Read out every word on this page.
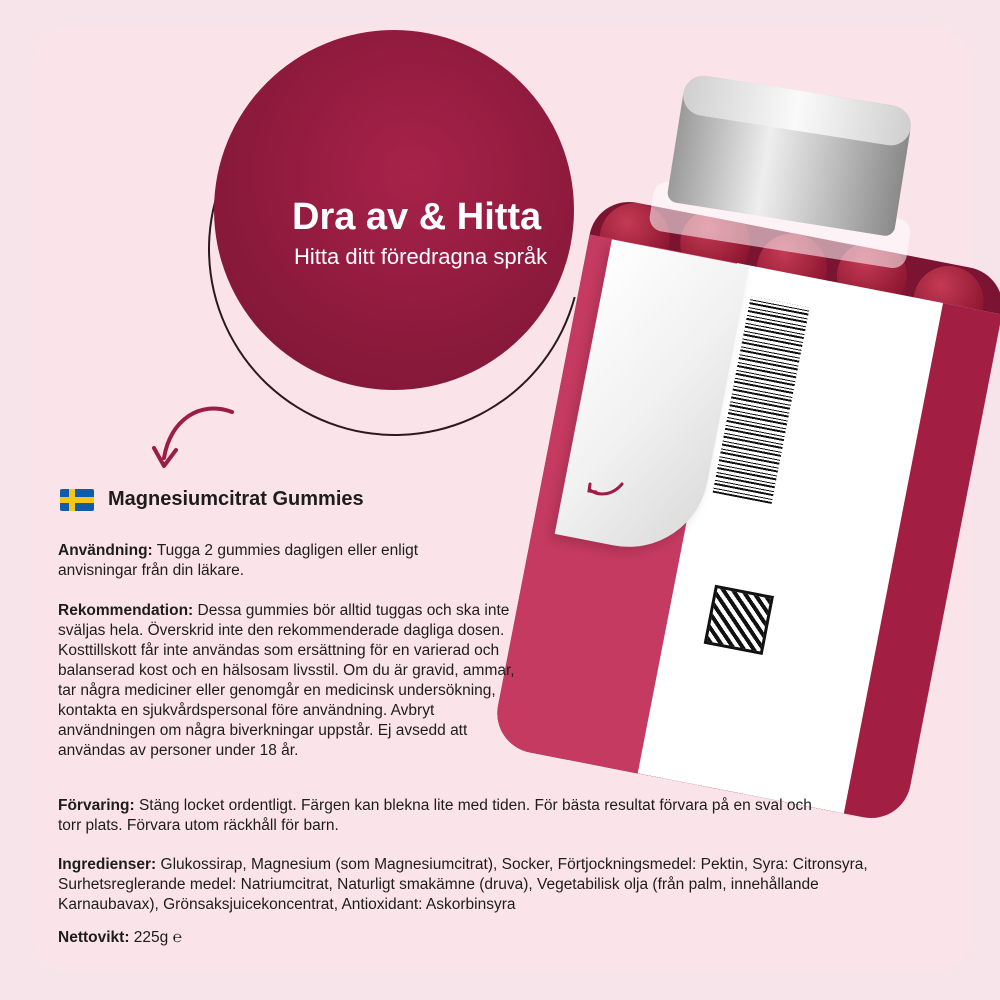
Dra av & Hitta
Hitta ditt föredragna språk
Magnesiumcitrat Gummies
Användning: Tugga 2 gummies dagligen eller enligt anvisningar från din läkare.
Rekommendation: Dessa gummies bör alltid tuggas och ska inte sväljas hela. Överskrid inte den rekommenderade dagliga dosen. Kosttillskott får inte användas som ersättning för en varierad och balanserad kost och en hälsosam livsstil. Om du är gravid, ammar, tar några mediciner eller genomgår en medicinsk undersökning, kontakta en sjukvårdspersonal före användning. Avbryt användningen om några biverkningar uppstår. Ej avsedd att användas av personer under 18 år.
Förvaring: Stäng locket ordentligt. Färgen kan blekna lite med tiden. För bästa resultat förvara på en sval och torr plats. Förvara utom räckhåll för barn.
Ingredienser: Glukossirap, Magnesium (som Magnesiumcitrat), Socker, Förtjockningsmedel: Pektin, Syra: Citronsyra, Surhetsreglerande medel: Natriumcitrat, Naturligt smakämne (druva), Vegetabilisk olja (från palm, innehållande Karnaubavax), Grönsaksjuicekoncentrat, Antioxidant: Askorbinsyra
Nettovikt: 225g ℮
